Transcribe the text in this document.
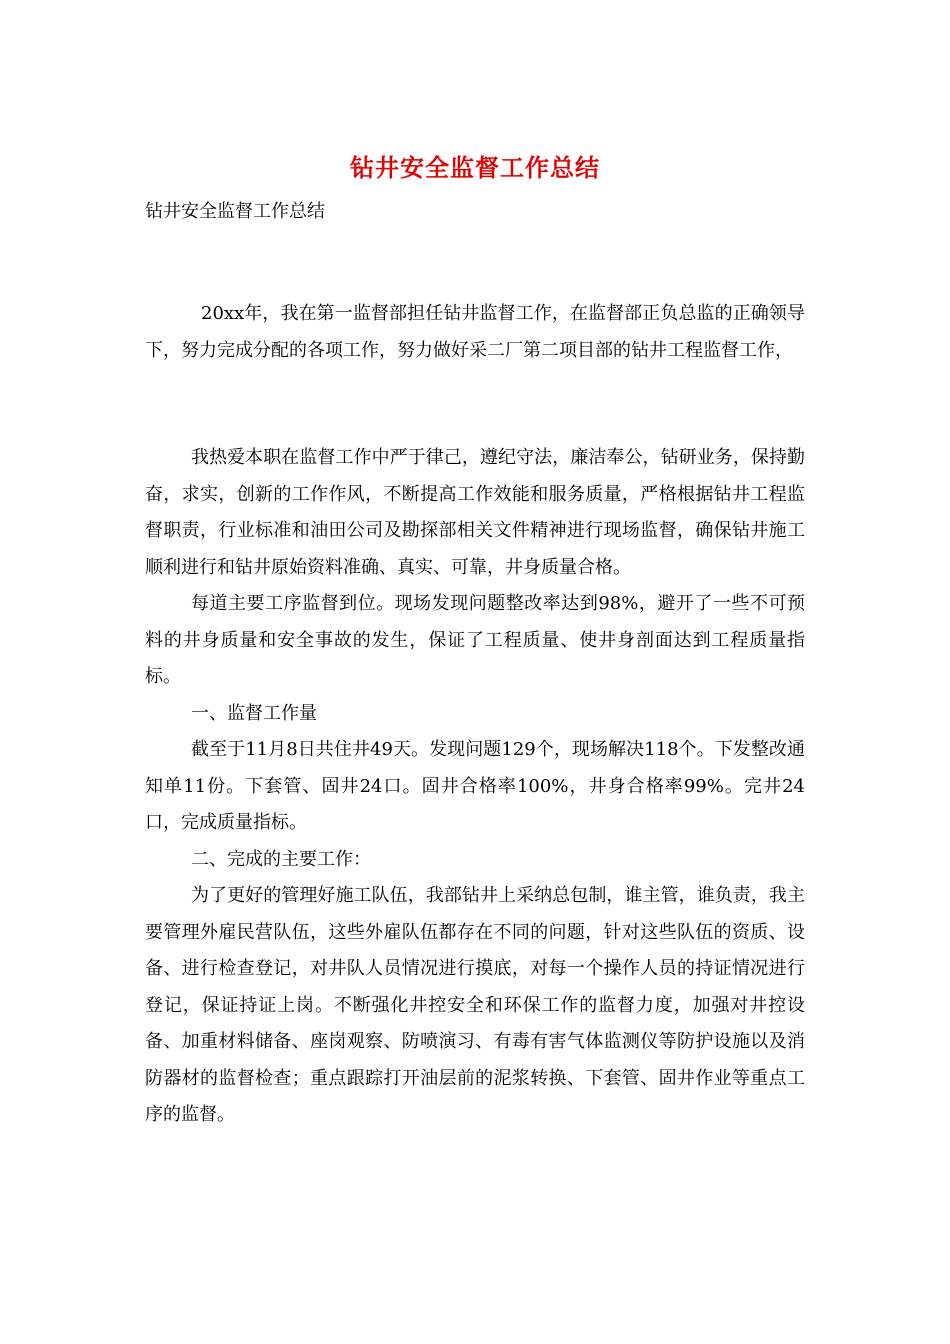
钻井安全监督工作总结
钻井安全监督工作总结

20xx年，我在第一监督部担任钻井监督工作，在监督部正负总监的正确领导下，努力完成分配的各项工作，努力做好采二厂第二项目部的钻井工程监督工作，

我热爱本职在监督工作中严于律己，遵纪守法，廉洁奉公，钻研业务，保持勤奋，求实，创新的工作作风，不断提高工作效能和服务质量，严格根据钻井工程监督职责，行业标准和油田公司及勘探部相关文件精神进行现场监督，确保钻井施工顺利进行和钻井原始资料准确、真实、可靠，井身质量合格。

每道主要工序监督到位。现场发现问题整改率达到98%，避开了一些不可预料的井身质量和安全事故的发生，保证了工程质量、使井身剖面达到工程质量指标。

一、监督工作量

截至于11月8日共住井49天。发现问题129个，现场解决118个。下发整改通知单11份。下套管、固井24口。固井合格率100%，井身合格率99%。完井24口，完成质量指标。

二、完成的主要工作：

为了更好的管理好施工队伍，我部钻井上采纳总包制，谁主管，谁负责，我主要管理外雇民营队伍，这些外雇队伍都存在不同的问题，针对这些队伍的资质、设备、进行检查登记，对井队人员情况进行摸底，对每一个操作人员的持证情况进行登记，保证持证上岗。不断强化井控安全和环保工作的监督力度，加强对井控设备、加重材料储备、座岗观察、防喷演习、有毒有害气体监测仪等防护设施以及消防器材的监督检查；重点跟踪打开油层前的泥浆转换、下套管、固井作业等重点工序的监督。
